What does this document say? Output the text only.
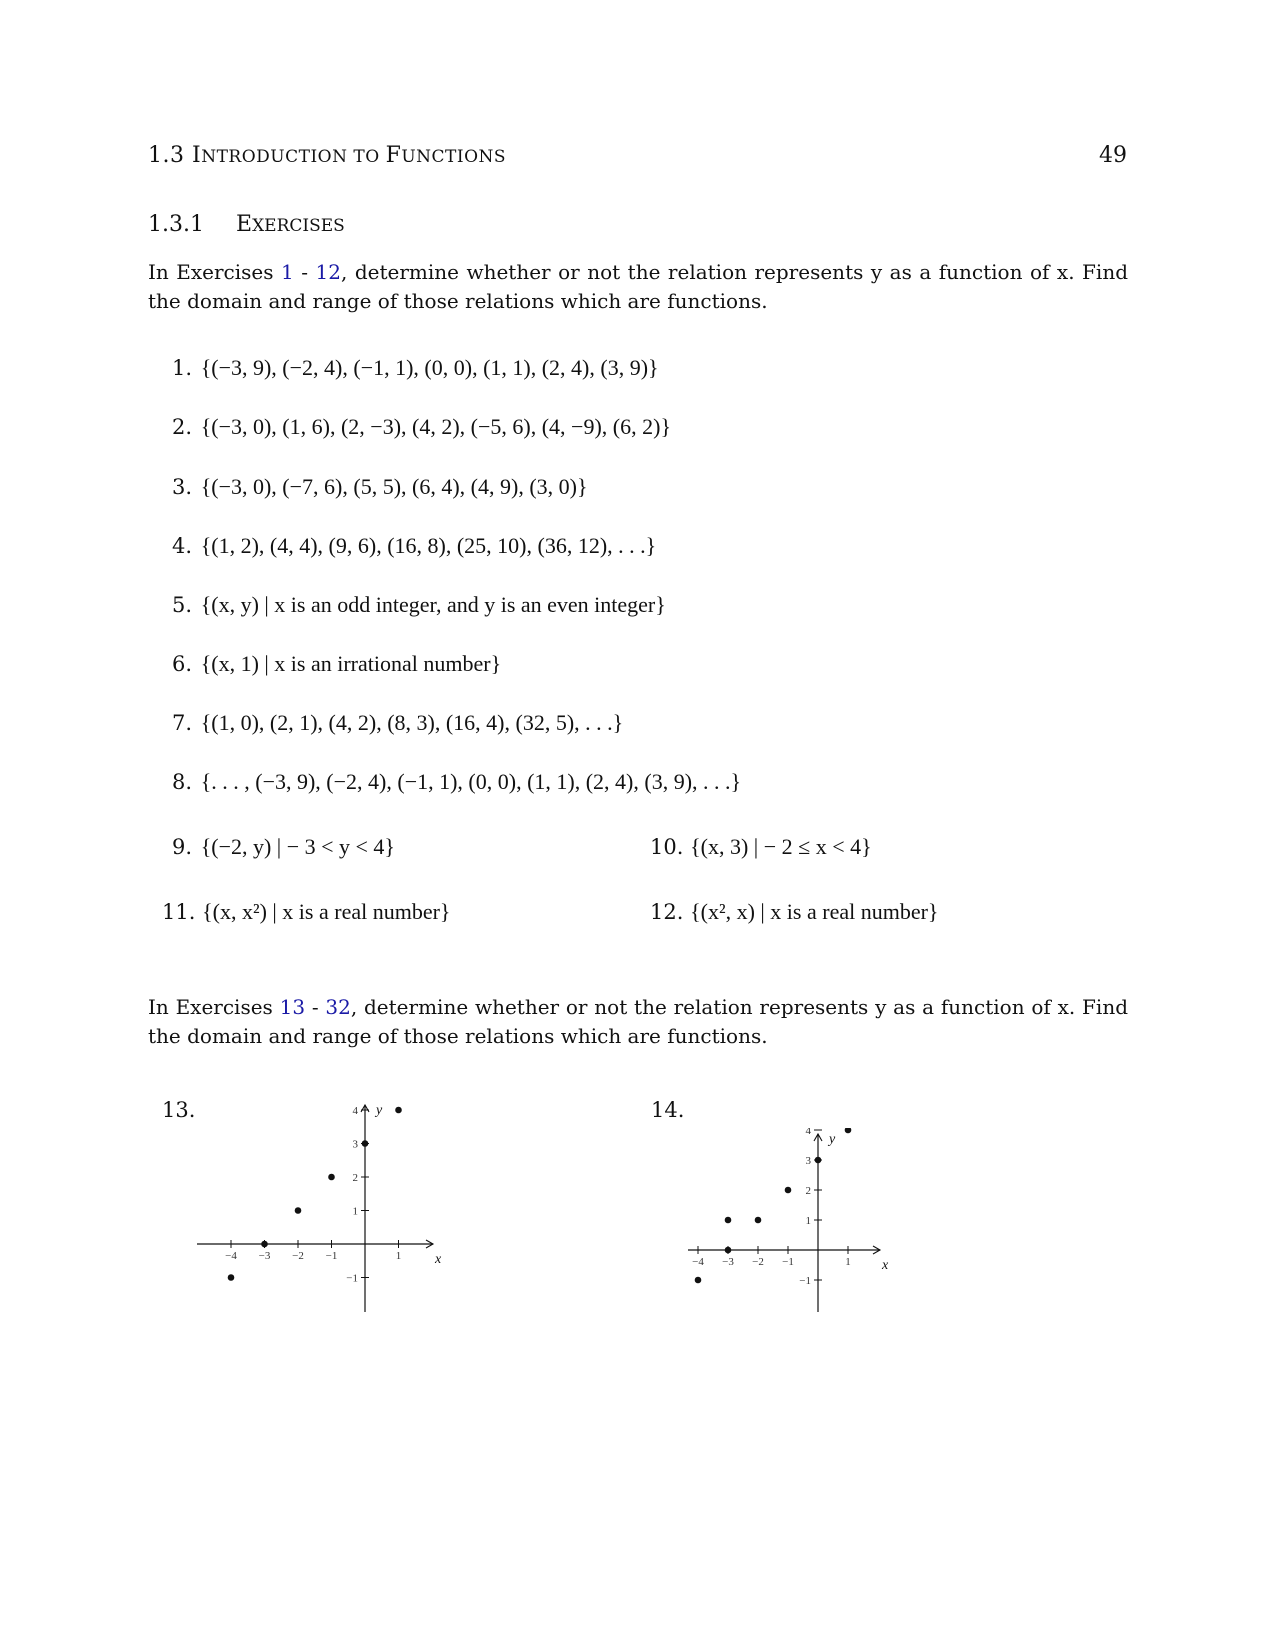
1.3 INTRODUCTION TO FUNCTIONS	49
1.3.1 EXERCISES
In Exercises 1 - 12, determine whether or not the relation represents y as a function of x. Find the domain and range of those relations which are functions.
1. {(−3, 9), (−2, 4), (−1, 1), (0, 0), (1, 1), (2, 4), (3, 9)}
2. {(−3, 0), (1, 6), (2, −3), (4, 2), (−5, 6), (4, −9), (6, 2)}
3. {(−3, 0), (−7, 6), (5, 5), (6, 4), (4, 9), (3, 0)}
4. {(1, 2), (4, 4), (9, 6), (16, 8), (25, 10), (36, 12), . . .}
5. {(x, y) | x is an odd integer, and y is an even integer}
6. {(x, 1) | x is an irrational number}
7. {(1, 0), (2, 1), (4, 2), (8, 3), (16, 4), (32, 5), . . .}
8. {. . . , (−3, 9), (−2, 4), (−1, 1), (0, 0), (1, 1), (2, 4), (3, 9), . . .}
9. {(−2, y) | − 3 < y < 4}	10. {(x, 3) | − 2 ≤ x < 4}
11. {(x, x²) | x is a real number}	12. {(x², x) | x is a real number}
In Exercises 13 - 32, determine whether or not the relation represents y as a function of x. Find the domain and range of those relations which are functions.
13.	14.
−4 −3 −2 −1	1
−1
1
2
3
4
x
y
−4 −3 −2 −1	1
−1
1
2
3
4
x
y
